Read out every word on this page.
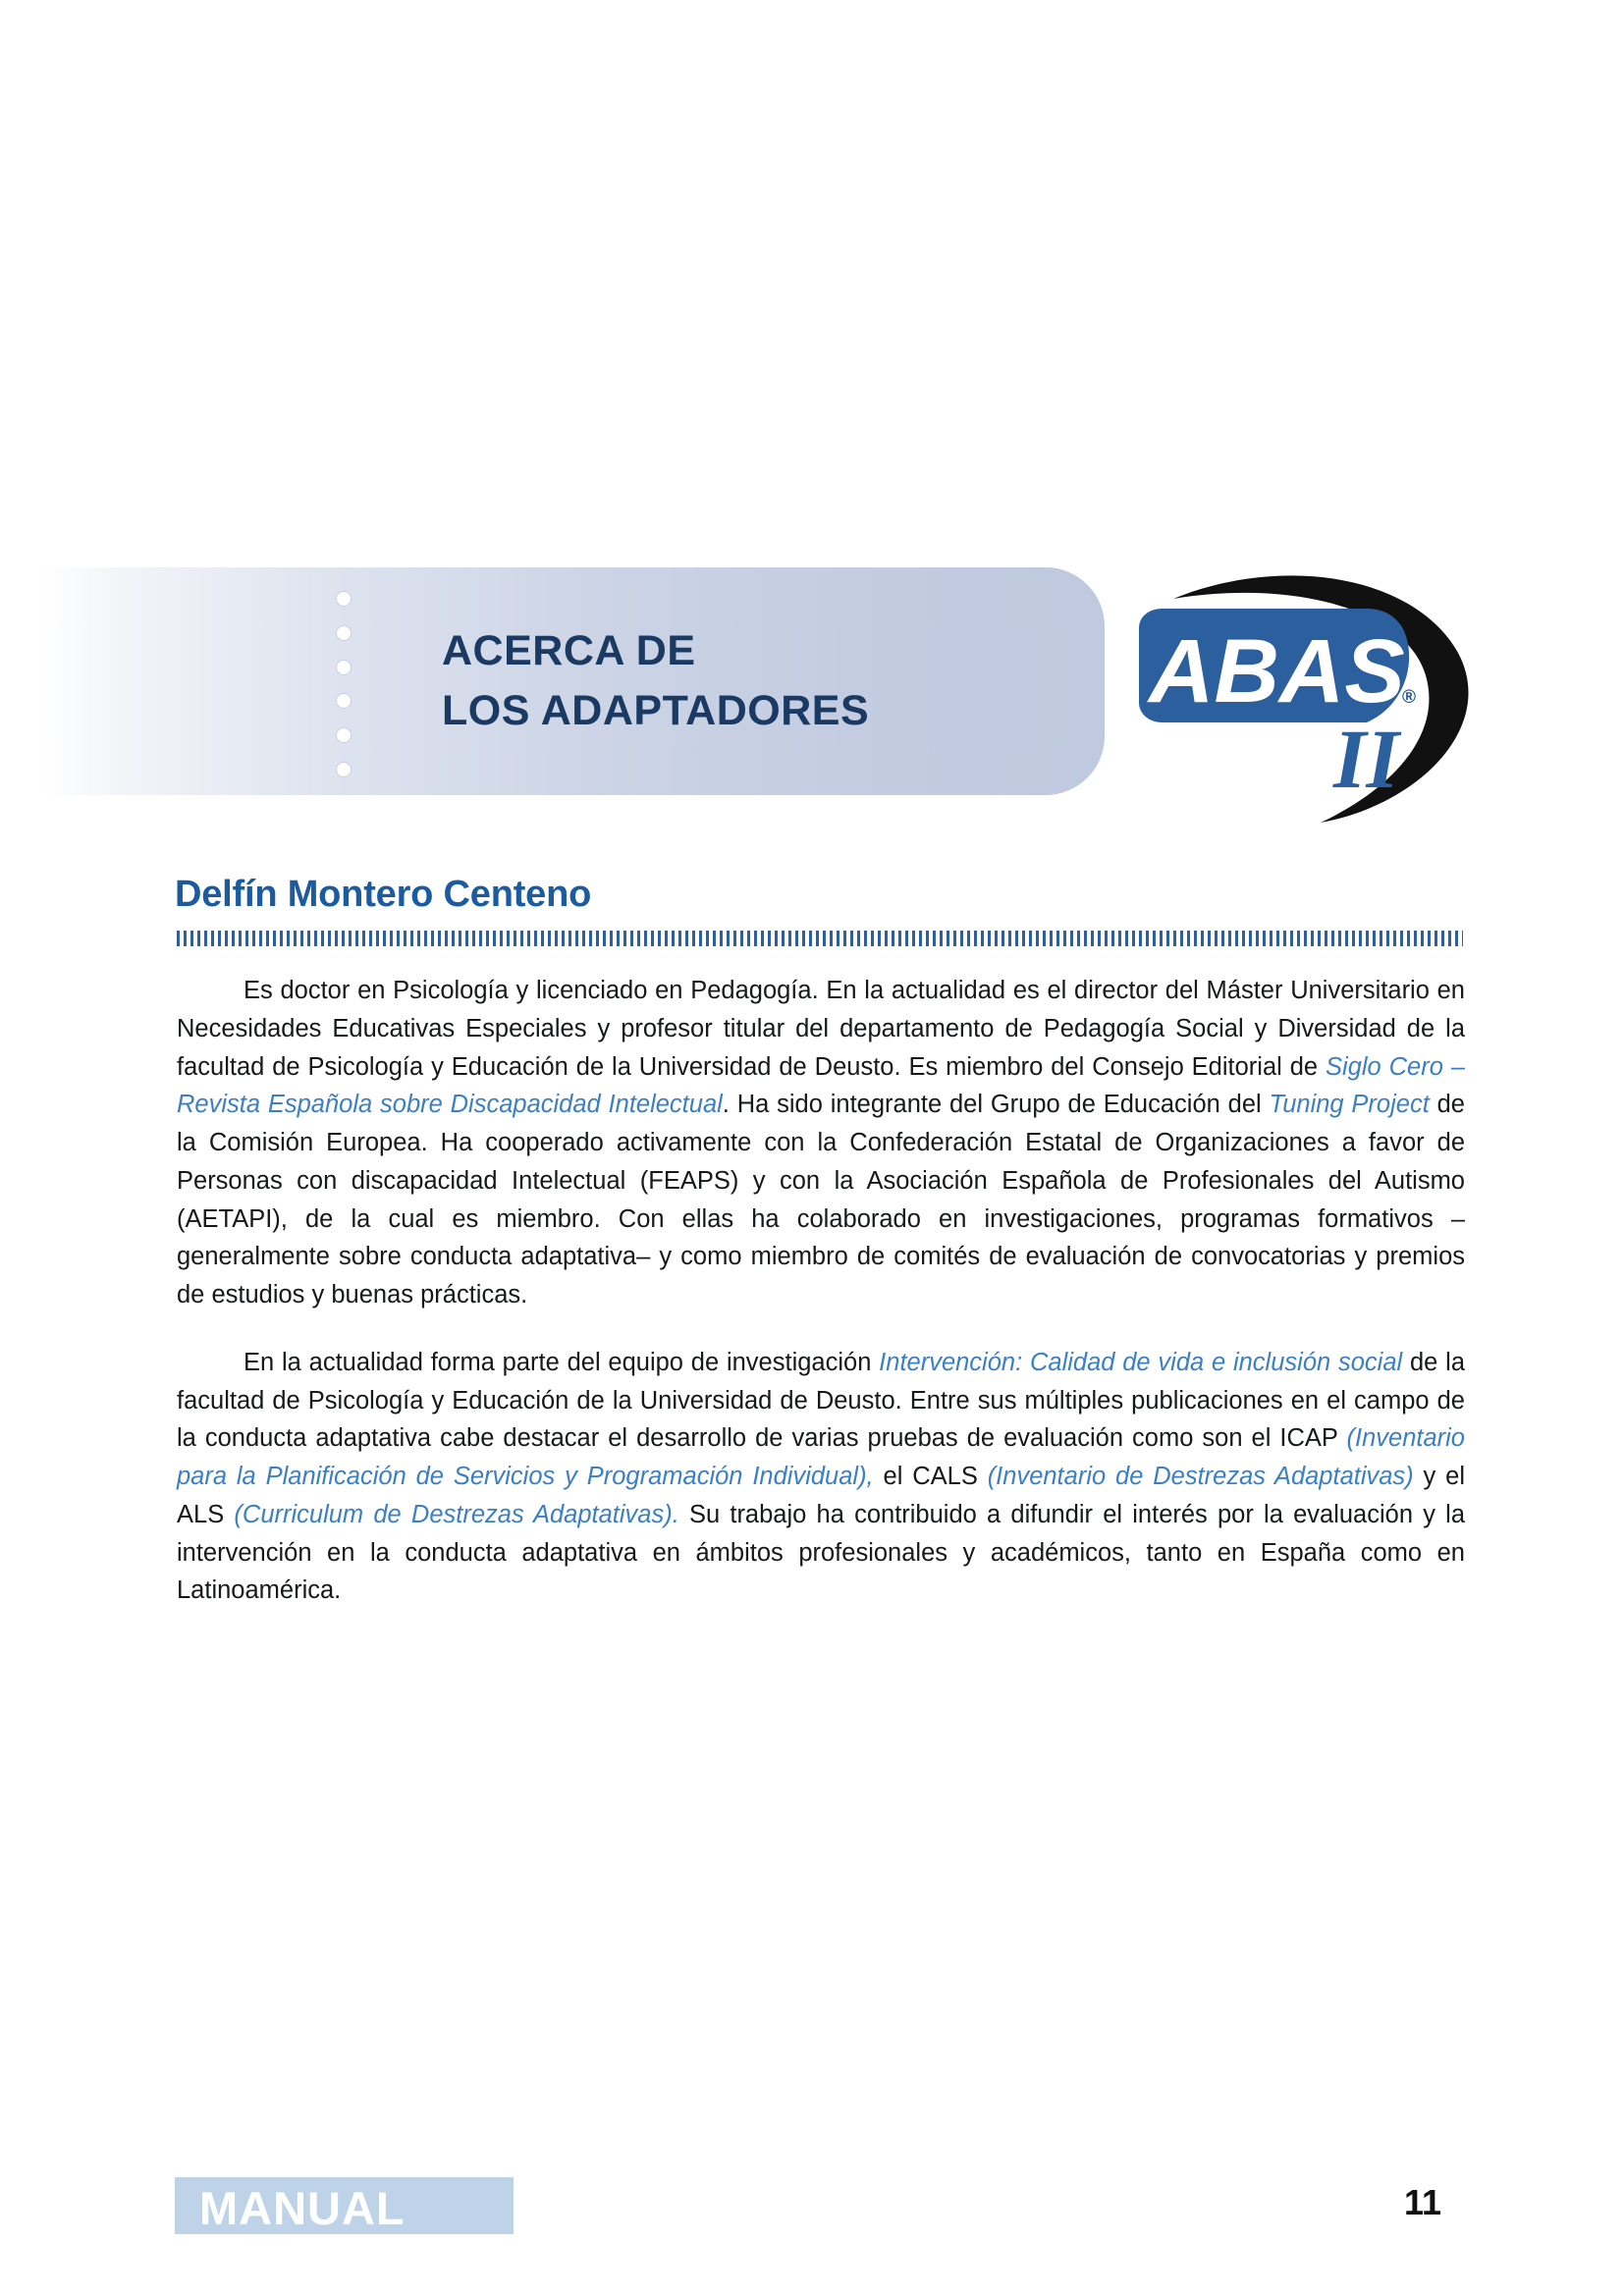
ACERCA DE
LOS ADAPTADORES	ABAS
II
®
Delfín Montero Centeno

Es doctor en Psicología y licenciado en Pedagogía. En la actualidad es el director del Máster Universitario en Necesidades Educativas Especiales y profesor titular del departamento de Pedagogía Social y Diversidad de la facultad de Psicología y Educación de la Universidad de Deusto. Es miembro del Consejo Editorial de Siglo Cero – Revista Española sobre Discapacidad Intelectual. Ha sido integrante del Grupo de Educación del Tuning Project de la Comisión Europea. Ha cooperado activamente con la Confederación Estatal de Organizaciones a favor de Personas con discapacidad Intelectual (FEAPS) y con la Asociación Española de Profesionales del Autismo (AETAPI), de la cual es miembro. Con ellas ha colaborado en investigaciones, programas formativos –generalmente sobre conducta adaptativa– y como miembro de comités de evaluación de convocatorias y premios de estudios y buenas prácticas.

En la actualidad forma parte del equipo de investigación Intervención: Calidad de vida e inclusión social de la facultad de Psicología y Educación de la Universidad de Deusto. Entre sus múltiples publicaciones en el campo de la conducta adaptativa cabe destacar el desarrollo de varias pruebas de evaluación como son el ICAP (Inventario para la Planificación de Servicios y Programación Individual), el CALS (Inventario de Destrezas Adaptativas) y el ALS (Curriculum de Destrezas Adaptativas). Su trabajo ha contribuido a difundir el interés por la evaluación y la intervención en la conducta adaptativa en ámbitos profesionales y académicos, tanto en España como en Latinoamérica.

MANUAL	11
